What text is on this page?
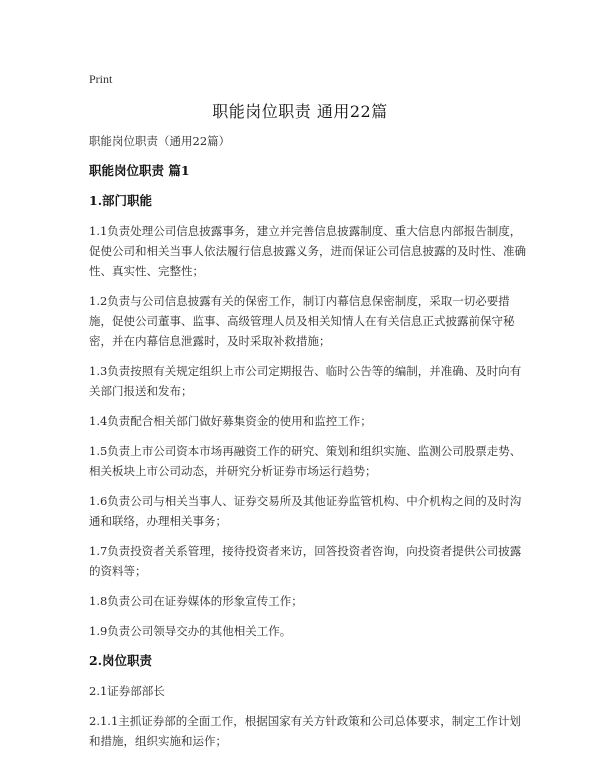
Print
职能岗位职责 通用22篇

职能岗位职责（通用22篇）

职能岗位职责 篇1
1.部门职能

1.1负责处理公司信息披露事务，建立并完善信息披露制度、重大信息内部报告制度，促使公司和相关当事人依法履行信息披露义务，进而保证公司信息披露的及时性、准确性、真实性、完整性；

1.2负责与公司信息披露有关的保密工作，制订内幕信息保密制度，采取一切必要措施，促使公司董事、监事、高级管理人员及相关知情人在有关信息正式披露前保守秘密，并在内幕信息泄露时，及时采取补救措施；

1.3负责按照有关规定组织上市公司定期报告、临时公告等的编制，并准确、及时向有关部门报送和发布；

1.4负责配合相关部门做好募集资金的使用和监控工作；

1.5负责上市公司资本市场再融资工作的研究、策划和组织实施、监测公司股票走势、相关板块上市公司动态，并研究分析证券市场运行趋势；

1.6负责公司与相关当事人、证券交易所及其他证券监管机构、中介机构之间的及时沟通和联络，办理相关事务；

1.7负责投资者关系管理，接待投资者来访，回答投资者咨询，向投资者提供公司披露的资料等；

1.8负责公司在证券媒体的形象宣传工作；

1.9负责公司领导交办的其他相关工作。

2.岗位职责

2.1证券部部长

2.1.1主抓证券部的全面工作，根据国家有关方针政策和公司总体要求，制定工作计划和措施，组织实施和运作；
